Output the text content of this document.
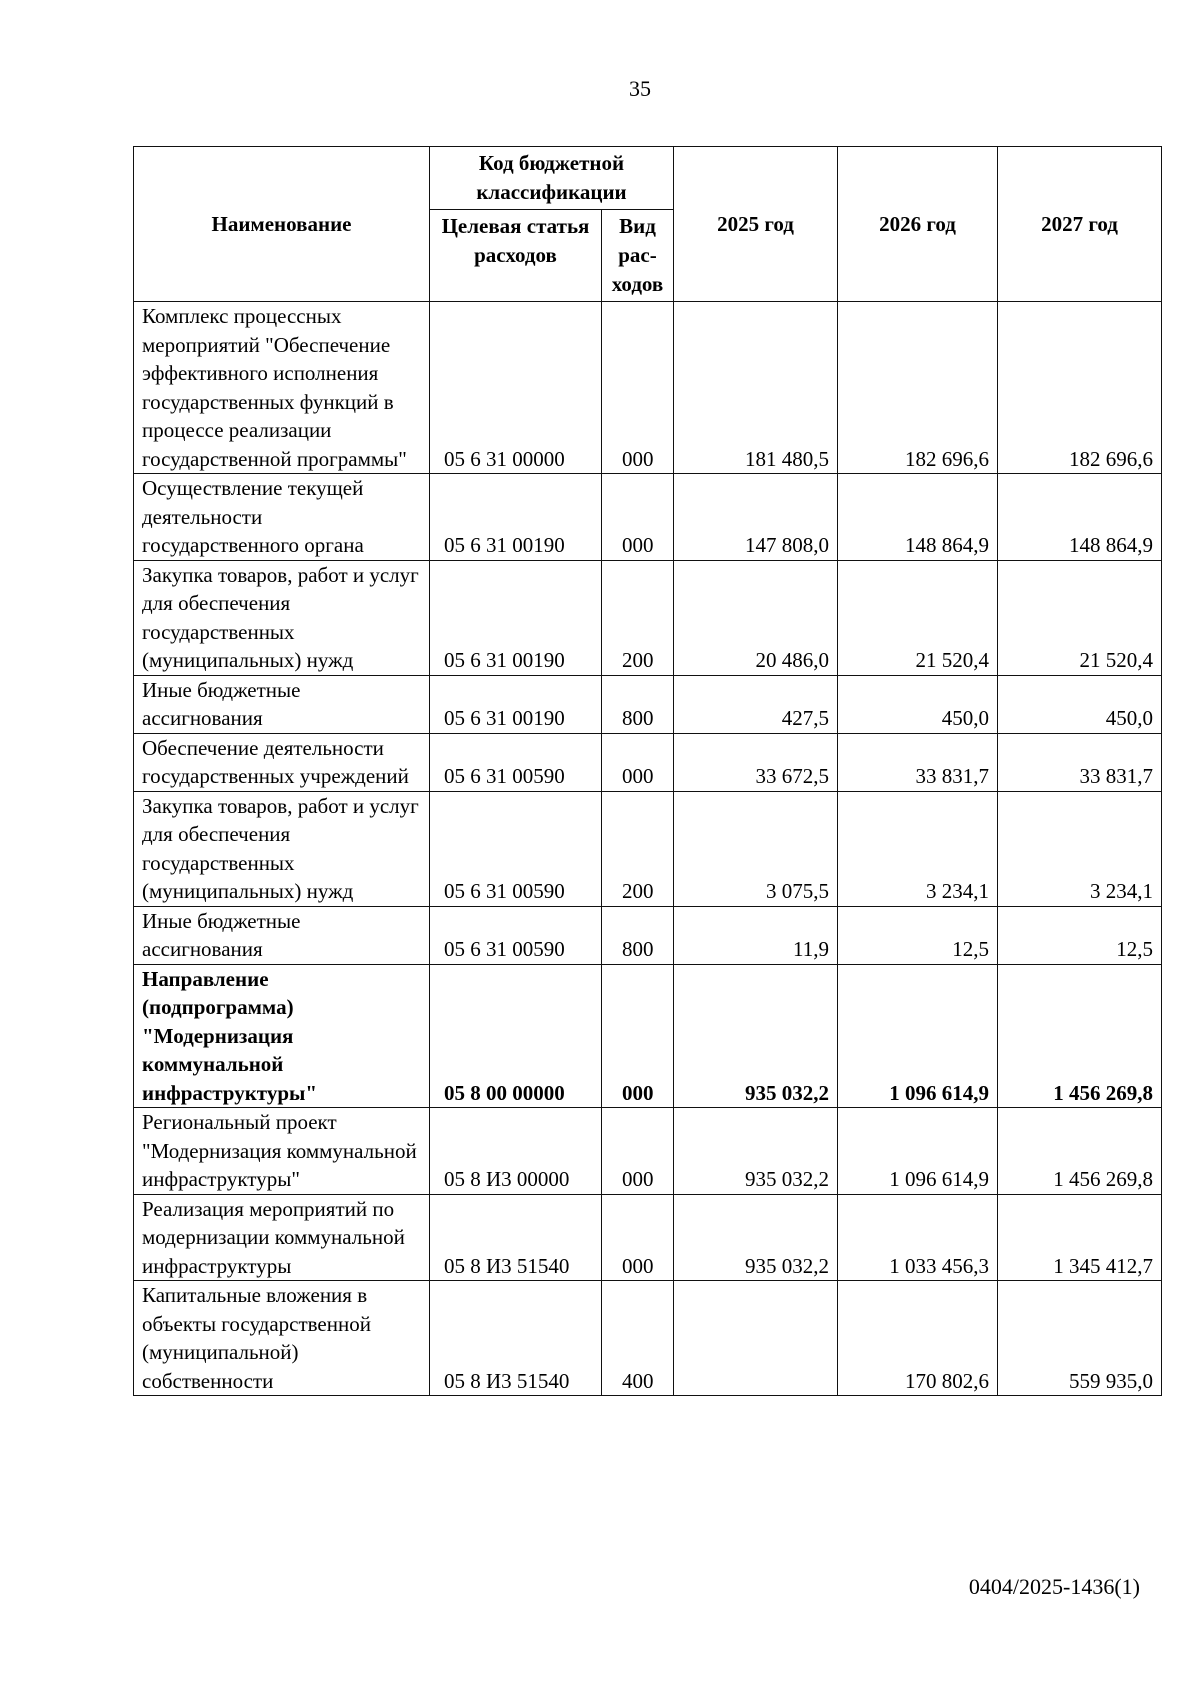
35
Наименование	Код бюджетной классификации		2025 год	2026 год	2027 год
	Целевая статья расходов	Вид рас-ходов			
Комплекс процессных мероприятий "Обеспечение эффективного исполнения государственных функций в процессе реализации государственной программы"	05 6 31 00000	000	181 480,5	182 696,6	182 696,6
Осуществление текущей деятельности государственного органа	05 6 31 00190	000	147 808,0	148 864,9	148 864,9
Закупка товаров, работ и услуг для обеспечения государственных (муниципальных) нужд	05 6 31 00190	200	20 486,0	21 520,4	21 520,4
Иные бюджетные ассигнования	05 6 31 00190	800	427,5	450,0	450,0
Обеспечение деятельности государственных учреждений	05 6 31 00590	000	33 672,5	33 831,7	33 831,7
Закупка товаров, работ и услуг для обеспечения государственных (муниципальных) нужд	05 6 31 00590	200	3 075,5	3 234,1	3 234,1
Иные бюджетные ассигнования	05 6 31 00590	800	11,9	12,5	12,5
Направление (подпрограмма) "Модернизация коммунальной инфраструктуры"	05 8 00 00000	000	935 032,2	1 096 614,9	1 456 269,8
Региональный проект "Модернизация коммунальной инфраструктуры"	05 8 И3 00000	000	935 032,2	1 096 614,9	1 456 269,8
Реализация мероприятий по модернизации коммунальной инфраструктуры	05 8 И3 51540	000	935 032,2	1 033 456,3	1 345 412,7
Капитальные вложения в объекты государственной (муниципальной) собственности	05 8 И3 51540	400		170 802,6	559 935,0
0404/2025-1436(1)
